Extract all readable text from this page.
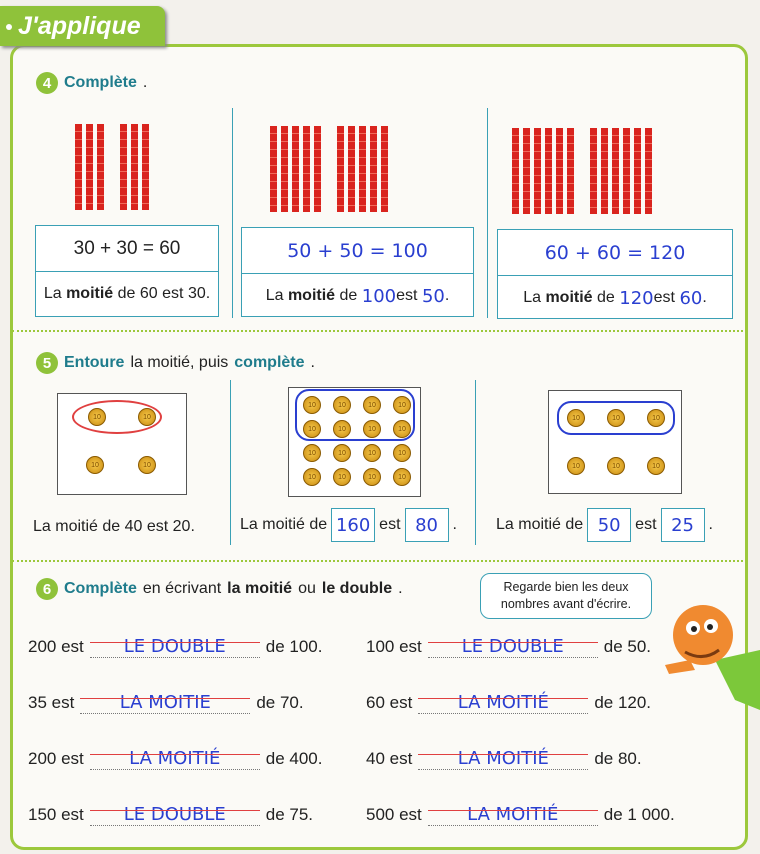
J'applique
4 Complète .
30 + 30 = 60
La
moitié
de
60
est
30.
50 + 50 = 100
La
moitié
de
100 est
50 .
60 + 60 = 120
La
moitié
de
120 est
60 .
5 Entoure la moitié, puis complète .
10	10
10	10
10	10	10	10
10	10	10	10
10	10	10	10
10	10	10	10
10	10	10
10	10	10
La moitié de 40 est 20.	La moitié de 160 est 80 . La moitié de 50 est 25 .
6 Complète en écrivant la moitié ou le double .	Regarde bien les deux nombres avant d'écrire.
200 est	LE DOUBLE	de 100.	100 est	LE DOUBLE	de 50.
35 est	LA MOITIE	de 70.	60 est	LA MOITIÉ	de 120.
200 est	LA MOITIÉ	de 400.	40 est	LA MOITIÉ	de 80.
150 est	LE DOUBLE	de 75.	500 est	LA MOITIÉ	de 1 000.
